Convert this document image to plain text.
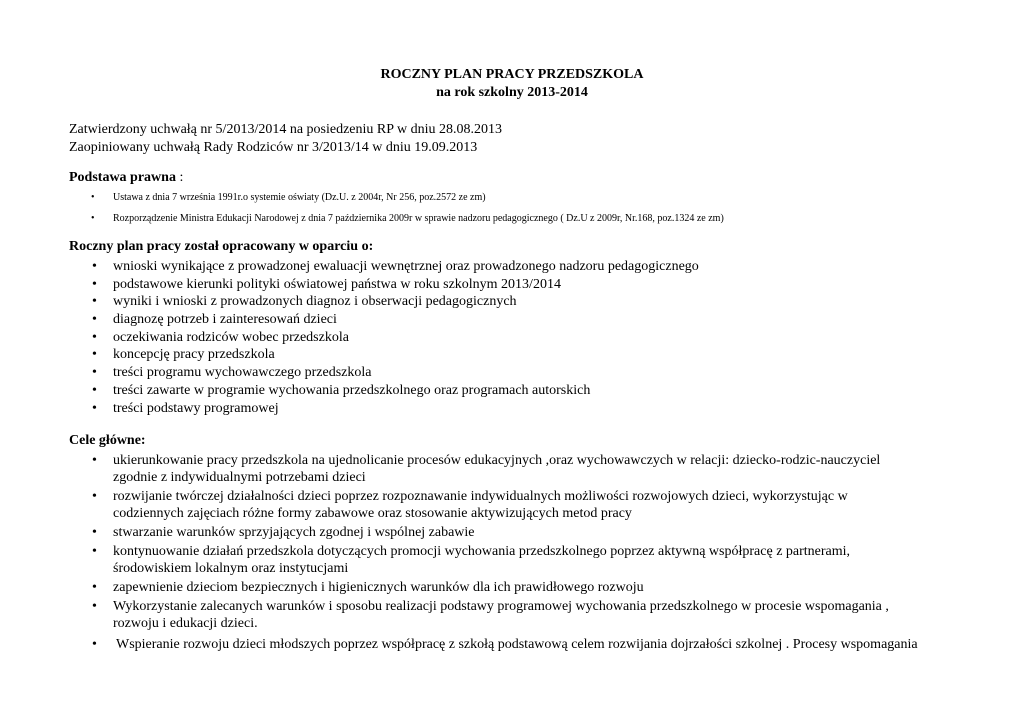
ROCZNY PLAN PRACY PRZEDSZKOLA
na rok szkolny 2013-2014
Zatwierdzony uchwałą nr 5/2013/2014 na posiedzeniu RP w dniu 28.08.2013
Zaopiniowany uchwałą Rady Rodziców nr 3/2013/14 w dniu 19.09.2013
Podstawa prawna :
• Ustawa z dnia 7 września 1991r.o systemie oświaty (Dz.U. z 2004r, Nr 256, poz.2572 ze zm)
• Rozporządzenie Ministra Edukacji Narodowej z dnia 7 października 2009r w sprawie nadzoru pedagogicznego ( Dz.U z 2009r, Nr.168, poz.1324 ze zm)
Roczny plan pracy został opracowany w oparciu o:
• wnioski wynikające z prowadzonej ewaluacji wewnętrznej oraz prowadzonego nadzoru pedagogicznego
• podstawowe kierunki polityki oświatowej państwa w roku szkolnym 2013/2014
• wyniki i wnioski z prowadzonych diagnoz i obserwacji pedagogicznych
• diagnozę potrzeb i zainteresowań dzieci
• oczekiwania rodziców wobec przedszkola
• koncepcję pracy przedszkola
• treści programu wychowawczego przedszkola
• treści zawarte w programie wychowania przedszkolnego oraz programach autorskich
• treści podstawy programowej
Cele główne:
• ukierunkowanie pracy przedszkola na ujednolicanie procesów edukacyjnych ,oraz wychowawczych w relacji: dziecko-rodzic-nauczyciel
zgodnie z indywidualnymi potrzebami dzieci
• rozwijanie twórczej działalności dzieci poprzez rozpoznawanie indywidualnych możliwości rozwojowych dzieci, wykorzystując w
codziennych zajęciach różne formy zabawowe oraz stosowanie aktywizujących metod pracy
• stwarzanie warunków sprzyjających zgodnej i wspólnej zabawie
• kontynuowanie działań przedszkola dotyczących promocji wychowania przedszkolnego poprzez aktywną współpracę z partnerami,
środowiskiem lokalnym oraz instytucjami
• zapewnienie dzieciom bezpiecznych i higienicznych warunków dla ich prawidłowego rozwoju
• Wykorzystanie zalecanych warunków i sposobu realizacji podstawy programowej wychowania przedszkolnego w procesie wspomagania ,
rozwoju i edukacji dzieci.
• Wspieranie rozwoju dzieci młodszych poprzez współpracę z szkołą podstawową celem rozwijania dojrzałości szkolnej . Procesy wspomagania
